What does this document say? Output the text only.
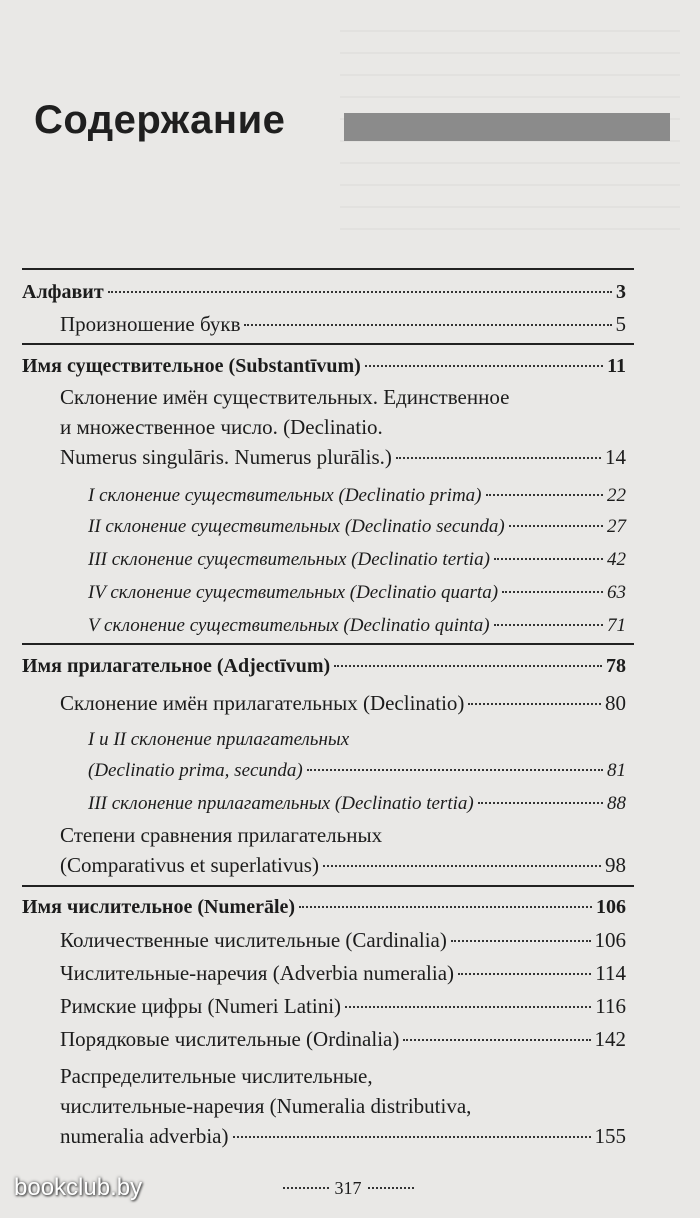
Содержание
Алфавит	3
Произношение букв	5
Имя существительное (Substantīvum)	11
Склонение имён существительных. Единственное
и множественное число. (Declinatio.
Numerus singulāris. Numerus plurālis.)	14
I склонение существительных (Declinatio prima)	22
II склонение существительных (Declinatio secunda)	27
III склонение существительных (Declinatio tertia)	42
IV склонение существительных (Declinatio quarta)	63
V склонение существительных (Declinatio quinta)	71
Имя прилагательное (Adjectīvum)	78
Склонение имён прилагательных (Declinatio)	80
I и II склонение прилагательных
(Declinatio prima, secunda)	81
III склонение прилагательных (Declinatio tertia)	88
Степени сравнения прилагательных
(Comparativus et superlativus)	98
Имя числительное (Numerāle)	106
Количественные числительные (Cardinalia)	106
Числительные-наречия (Adverbia numeralia)	114
Римские цифры (Numeri Latini)	116
Порядковые числительные (Ordinalia)	142
Распределительные числительные,
числительные-наречия (Numeralia distributiva,
numeralia adverbia)	155
bookclub.by	317
